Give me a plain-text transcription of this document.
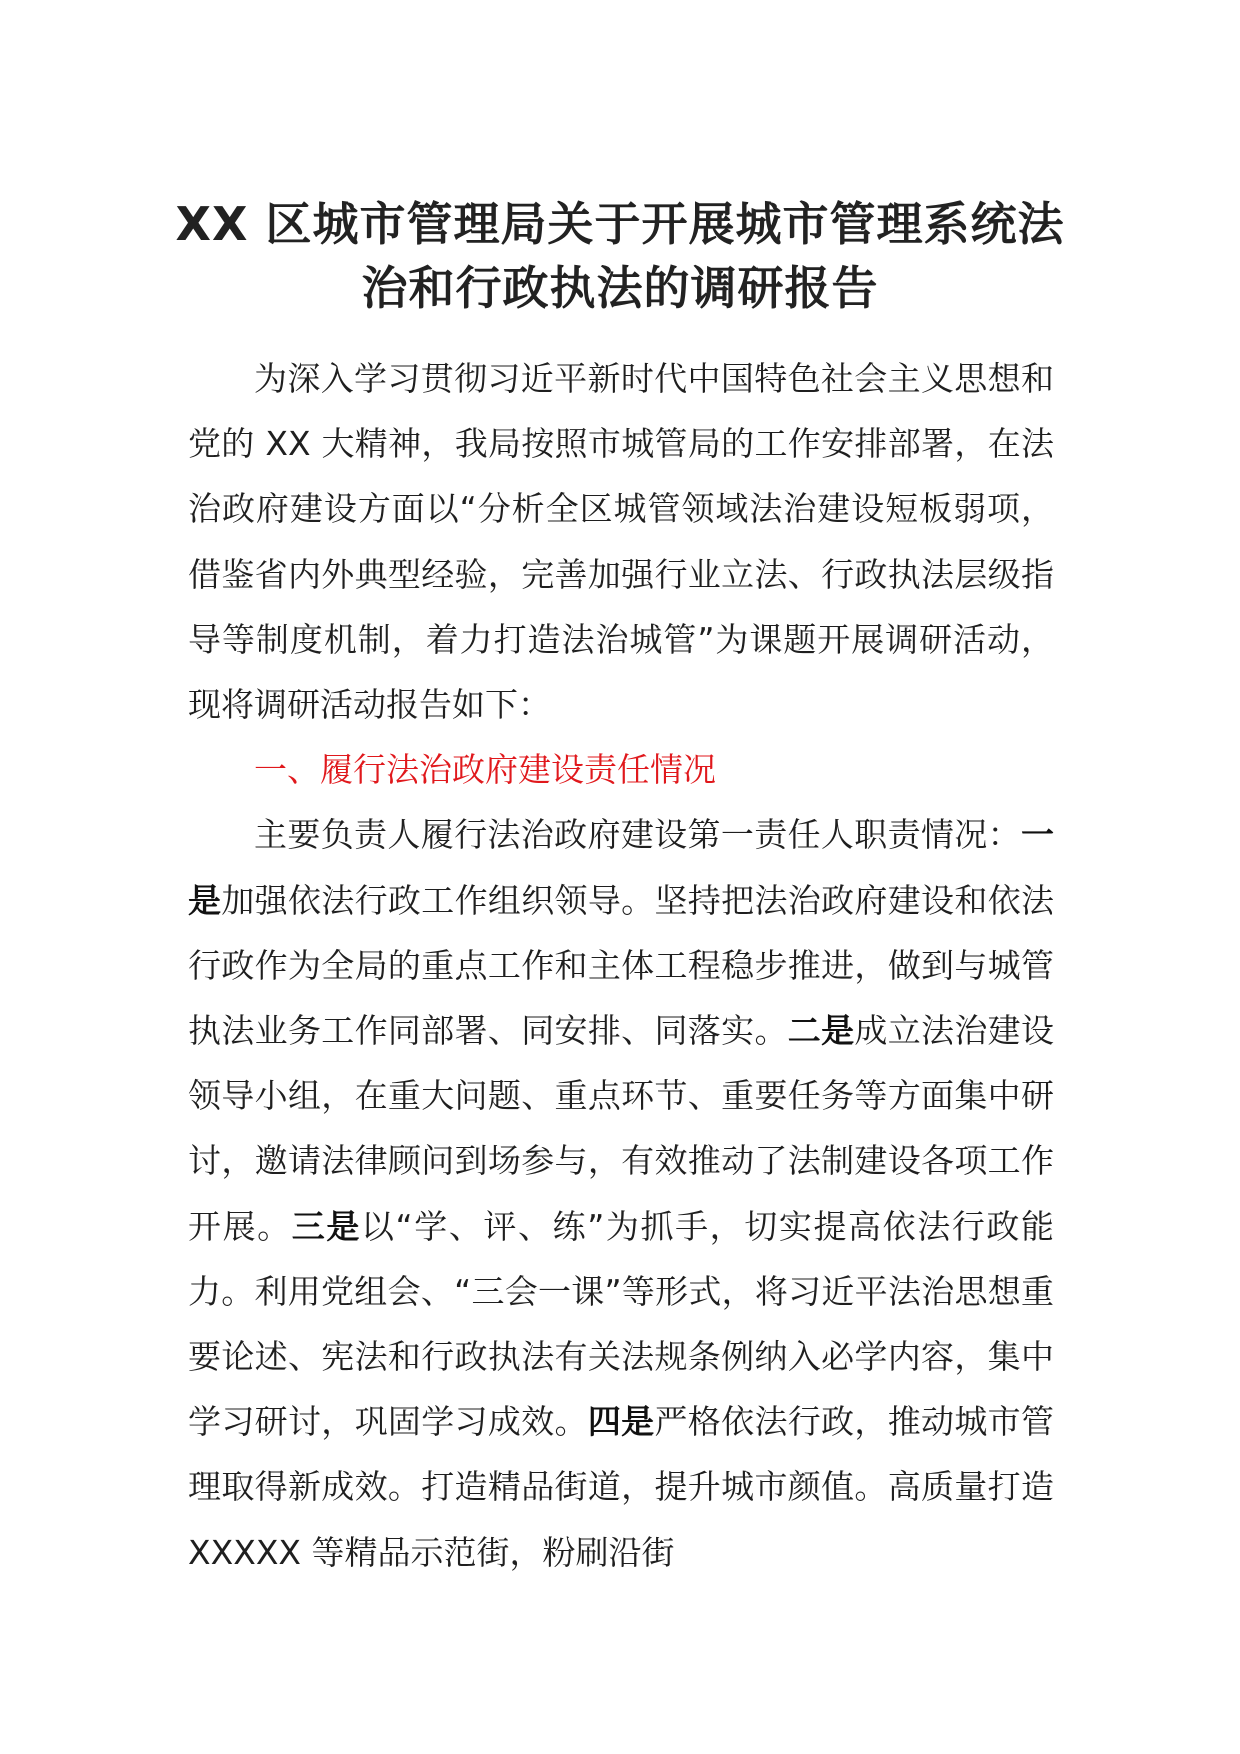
XX 区城市管理局关于开展城市管理系统法
治和行政执法的调研报告

为深入学习贯彻习近平新时代中国特色社会主义思想和党的 XX 大精神，我局按照市城管局的工作安排部署，在法治政府建设方面以“分析全区城管领域法治建设短板弱项，借鉴省内外典型经验，完善加强行业立法、行政执法层级指导等制度机制，着力打造法治城管”为课题开展调研活动，现将调研活动报告如下：

一、履行法治政府建设责任情况

主要负责人履行法治政府建设第一责任人职责情况：一是加强依法行政工作组织领导。坚持把法治政府建设和依法行政作为全局的重点工作和主体工程稳步推进，做到与城管执法业务工作同部署、同安排、同落实。二是成立法治建设领导小组，在重大问题、重点环节、重要任务等方面集中研讨，邀请法律顾问到场参与，有效推动了法制建设各项工作开展。三是以“学、评、练”为抓手，切实提高依法行政能力。利用党组会、“三会一课”等形式，将习近平法治思想重要论述、宪法和行政执法有关法规条例纳入必学内容，集中学习研讨，巩固学习成效。四是严格依法行政，推动城市管理取得新成效。打造精品街道，提升城市颜值。高质量打造 XXXXX 等精品示范街，粉刷沿街
